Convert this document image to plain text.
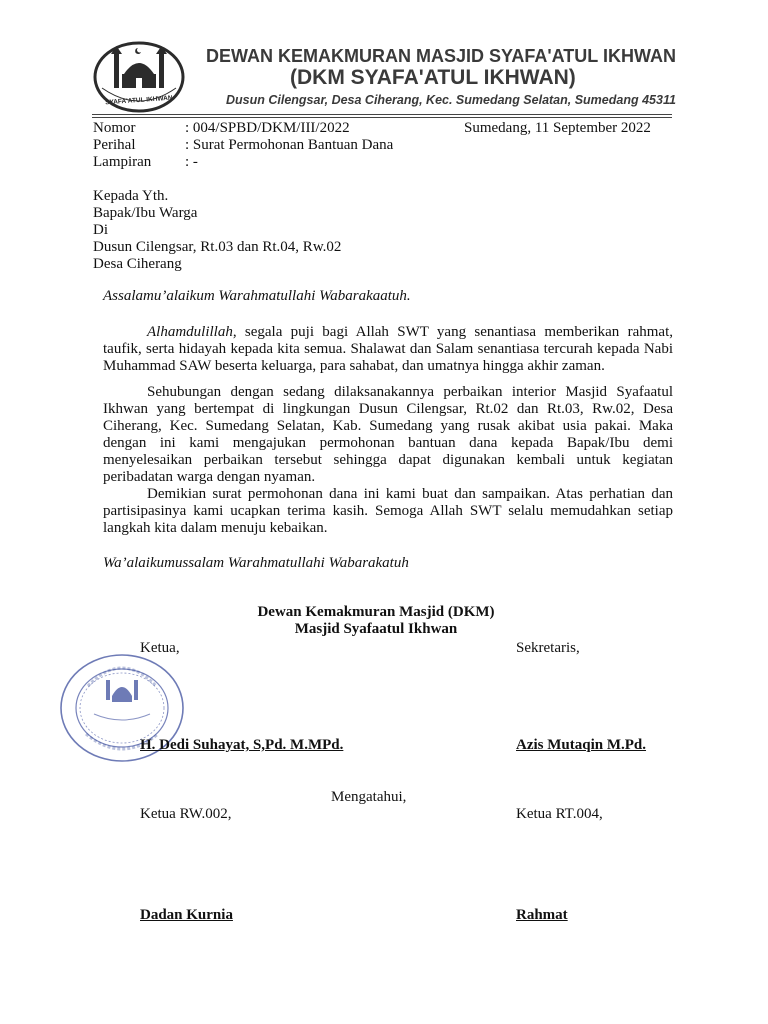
SYAFA'ATUL IKHWAN
DEWAN KEMAKMURAN MASJID SYAFA'ATUL IKHWAN
(DKM SYAFA'ATUL IKHWAN)
Dusun Cilengsar, Desa Ciherang, Kec. Sumedang Selatan, Sumedang 45311
Nomor	: 004/SPBD/DKM/III/2022	Sumedang, 11 September 2022
Perihal	: Surat Permohonan Bantuan Dana
Lampiran : -
Kepada Yth.
Bapak/Ibu Warga
Di
Dusun Cilengsar, Rt.03 dan Rt.04, Rw.02
Desa Ciherang
Assalamu’alaikum Warahmatullahi Wabarakaatuh.
Alhamdulillah, segala puji bagi Allah SWT yang senantiasa memberikan rahmat, taufik, serta hidayah kepada kita semua. Shalawat dan Salam senantiasa tercurah kepada Nabi Muhammad SAW beserta keluarga, para sahabat, dan umatnya hingga akhir zaman.
Sehubungan dengan sedang dilaksanakannya perbaikan interior Masjid Syafaatul Ikhwan yang bertempat di lingkungan Dusun Cilengsar, Rt.02 dan Rt.03, Rw.02, Desa Ciherang, Kec. Sumedang Selatan, Kab. Sumedang yang rusak akibat usia pakai. Maka dengan ini kami mengajukan permohonan bantuan dana kepada Bapak/Ibu demi menyelesaikan perbaikan tersebut sehingga dapat digunakan kembali untuk kegiatan peribadatan warga dengan nyaman.
Demikian surat permohonan dana ini kami buat dan sampaikan. Atas perhatian dan partisipasinya kami ucapkan terima kasih. Semoga Allah SWT selalu memudahkan setiap langkah kita dalam menuju kebaikan.
Wa’alaikumussalam Warahmatullahi Wabarakatuh
Dewan Kemakmuran Masjid (DKM)
Masjid Syafaatul Ikhwan
Ketua,	Sekretaris,
H. Dedi Suhayat, S,Pd. M.MPd.	Azis Mutaqin M.Pd.
Mengatahui,
Ketua RW.002,	Ketua RT.004,
Dadan Kurnia	Rahmat
